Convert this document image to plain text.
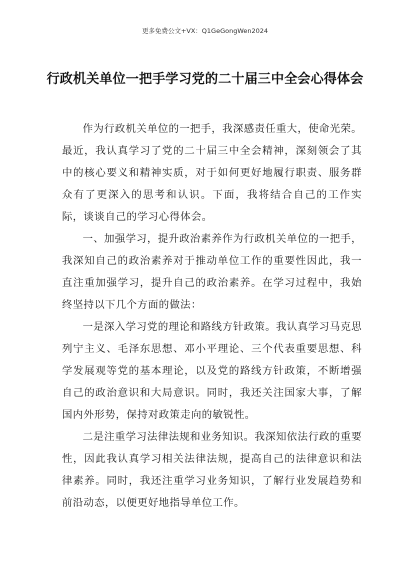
更多免费公文+VX：Q1GeGongWen2024
行政机关单位一把手学习党的二十届三中全会心得体会

作为行政机关单位的一把手，我深感责任重大，使命光荣。最近，我认真学习了党的二十届三中全会精神，深刻领会了其中的核心要义和精神实质，对于如何更好地履行职责、服务群众有了更深入的思考和认识。下面，我将结合自己的工作实际，谈谈自己的学习心得体会。

一、加强学习，提升政治素养作为行政机关单位的一把手，我深知自己的政治素养对于推动单位工作的重要性因此，我一直注重加强学习，提升自己的政治素养。在学习过程中，我始终坚持以下几个方面的做法：

一是深入学习党的理论和路线方针政策。我认真学习马克思列宁主义、毛泽东思想、邓小平理论、三个代表重要思想、科学发展观等党的基本理论，以及党的路线方针政策，不断增强自己的政治意识和大局意识。同时，我还关注国家大事，了解国内外形势，保持对政策走向的敏锐性。

二是注重学习法律法规和业务知识。我深知依法行政的重要性，因此我认真学习相关法律法规，提高自己的法律意识和法律素养。同时，我还注重学习业务知识，了解行业发展趋势和前沿动态，以便更好地指导单位工作。
